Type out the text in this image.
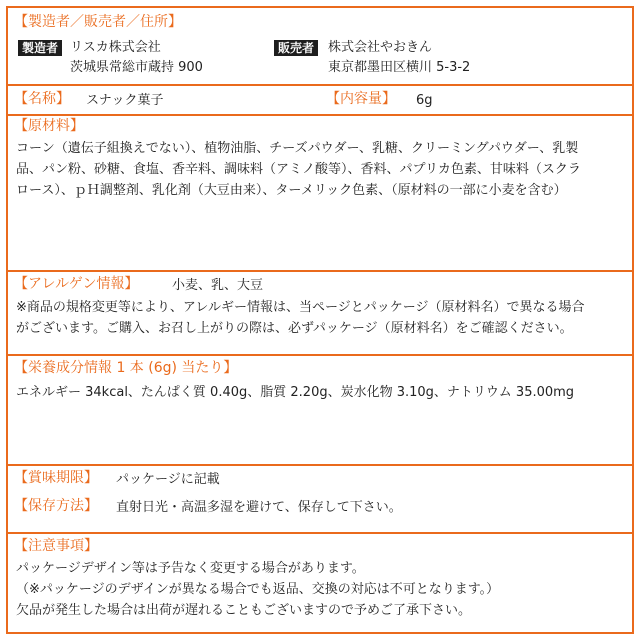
【製造者／販売者／住所】
製造者 リスカ株式会社
茨城県常総市蔵持 900
販売者	株式会社やおきん
東京都墨田区横川 5-3-2
【名称】 スナック菓子	【内容量】 6g
【原材料】
コーン（遺伝子組換えでない）、植物油脂、チーズパウダー、乳糖、クリーミングパウダー、乳製
品、パン粉、砂糖、食塩、香辛料、調味料（アミノ酸等）、香料、パプリカ色素、甘味料（スクラ
ロース）、ｐＨ調整剤、乳化剤（大豆由来）、ターメリック色素、（原材料の一部に小麦を含む）
【アレルゲン情報】	小麦、乳、大豆
※商品の規格変更等により、アレルギー情報は、当ページとパッケージ（原材料名）で異なる場合
がございます。ご購入、お召し上がりの際は、必ずパッケージ（原材料名）をご確認ください。
【栄養成分情報 1 本 (6g) 当たり】
エネルギー 34kcal、たんぱく質 0.40g、脂質 2.20g、炭水化物 3.10g、ナトリウム 35.00mg
【賞味期限】 パッケージに記載
【保存方法】 直射日光・高温多湿を避けて、保存して下さい。
【注意事項】
パッケージデザイン等は予告なく変更する場合があります。
（※パッケージのデザインが異なる場合でも返品、交換の対応は不可となります。）
欠品が発生した場合は出荷が遅れることもございますので予めご了承下さい。
